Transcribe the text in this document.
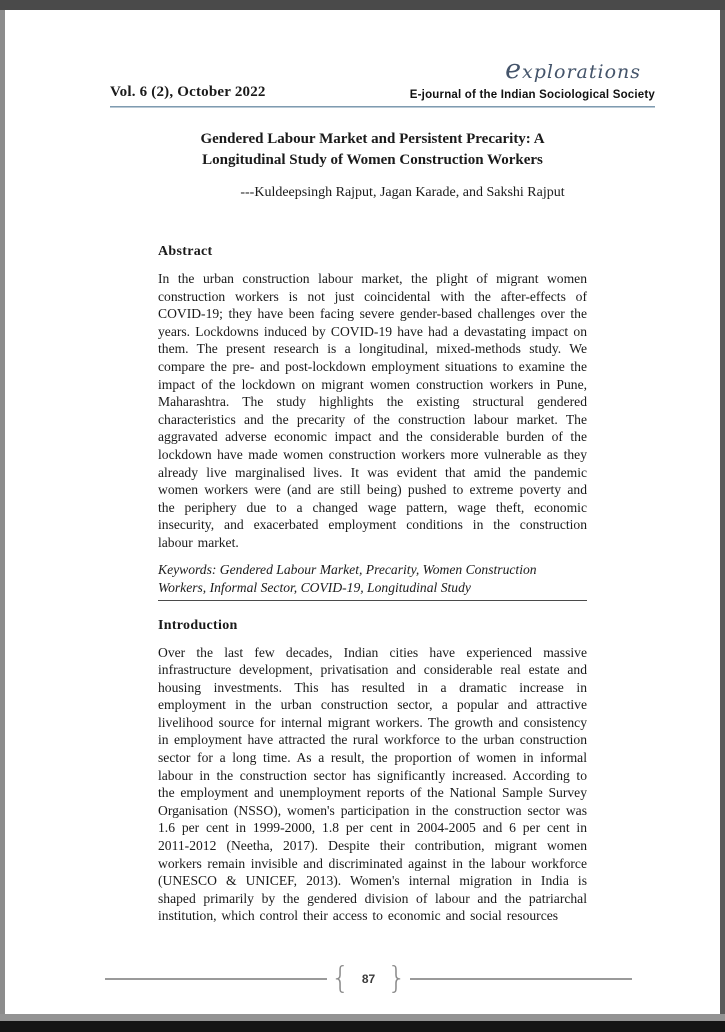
Vol. 6 (2), October 2022
explorations
E-journal of the Indian Sociological Society
Gendered Labour Market and Persistent Precarity: A Longitudinal Study of Women Construction Workers
---Kuldeepsingh Rajput, Jagan Karade, and Sakshi Rajput
Abstract

In the urban construction labour market, the plight of migrant women construction workers is not just coincidental with the after-effects of COVID-19; they have been facing severe gender-based challenges over the years. Lockdowns induced by COVID-19 have had a devastating impact on them. The present research is a longitudinal, mixed-methods study. We compare the pre- and post-lockdown employment situations to examine the impact of the lockdown on migrant women construction workers in Pune, Maharashtra. The study highlights the existing structural gendered characteristics and the precarity of the construction labour market. The aggravated adverse economic impact and the considerable burden of the lockdown have made women construction workers more vulnerable as they already live marginalised lives. It was evident that amid the pandemic women workers were (and are still being) pushed to extreme poverty and the periphery due to a changed wage pattern, wage theft, economic insecurity, and exacerbated employment conditions in the construction labour market.

Keywords: Gendered Labour Market, Precarity, Women Construction Workers, Informal Sector, COVID-19, Longitudinal Study

Introduction

Over the last few decades, Indian cities have experienced massive infrastructure development, privatisation and considerable real estate and housing investments. This has resulted in a dramatic increase in employment in the urban construction sector, a popular and attractive livelihood source for internal migrant workers. The growth and consistency in employment have attracted the rural workforce to the urban construction sector for a long time. As a result, the proportion of women in informal labour in the construction sector has significantly increased. According to the employment and unemployment reports of the National Sample Survey Organisation (NSSO), women's participation in the construction sector was 1.6 per cent in 1999-2000, 1.8 per cent in 2004-2005 and 6 per cent in 2011-2012 (Neetha, 2017). Despite their contribution, migrant women workers remain invisible and discriminated against in the labour workforce (UNESCO & UNICEF, 2013). Women's internal migration in India is shaped primarily by the gendered division of labour and the patriarchal institution, which control their access to economic and social resources

{	87 }
